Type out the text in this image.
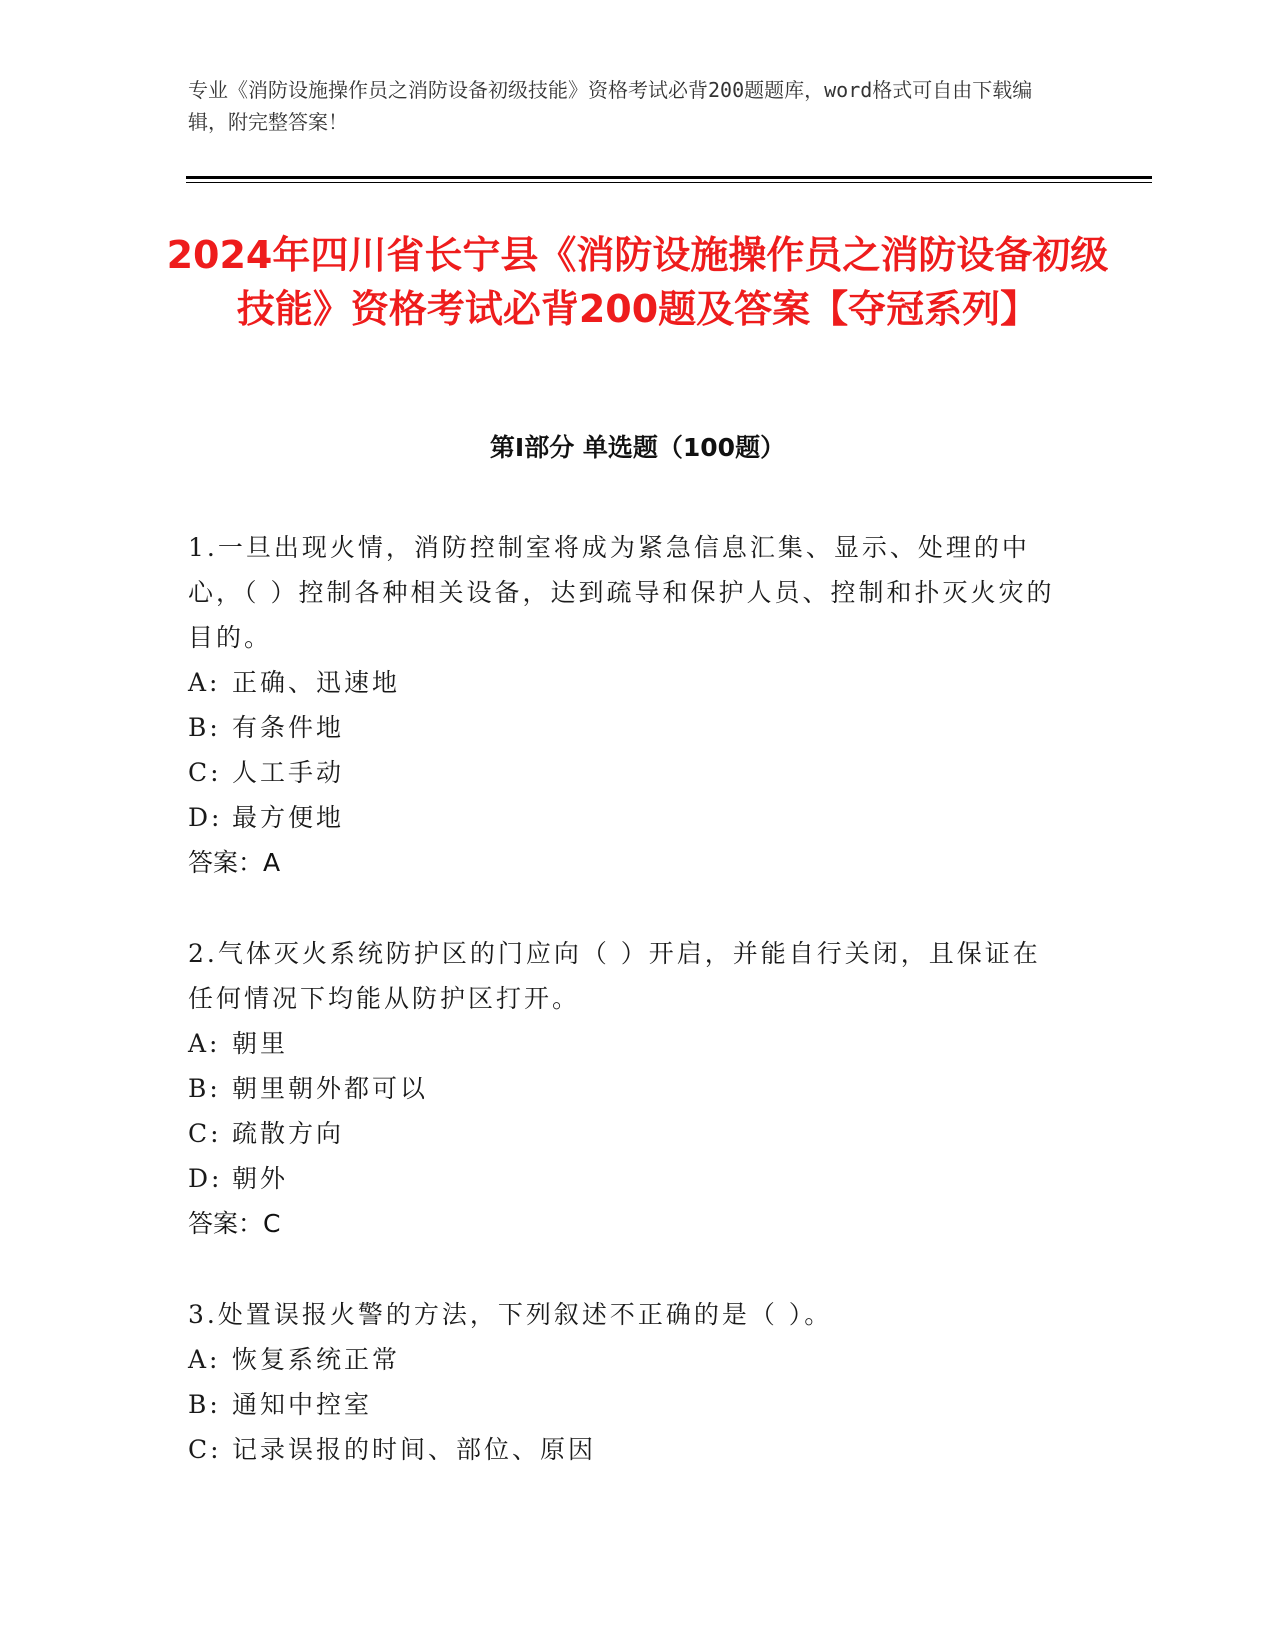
专业《消防设施操作员之消防设备初级技能》资格考试必背200题题库，word格式可自由下载编辑，附完整答案！
2024年四川省长宁县《消防设施操作员之消防设备初级技能》资格考试必背200题及答案【夺冠系列】
第I部分 单选题（100题）
1.一旦出现火情，消防控制室将成为紧急信息汇集、显示、处理的中心，（ ）控制各种相关设备，达到疏导和保护人员、控制和扑灭火灾的目的。
A: 正确、迅速地
B: 有条件地
C: 人工手动
D: 最方便地
答案：A
2.气体灭火系统防护区的门应向（ ）开启，并能自行关闭，且保证在任何情况下均能从防护区打开。
A: 朝里
B: 朝里朝外都可以
C: 疏散方向
D: 朝外
答案：C
3.处置误报火警的方法，下列叙述不正确的是（ ）。
A: 恢复系统正常
B: 通知中控室
C: 记录误报的时间、部位、原因
